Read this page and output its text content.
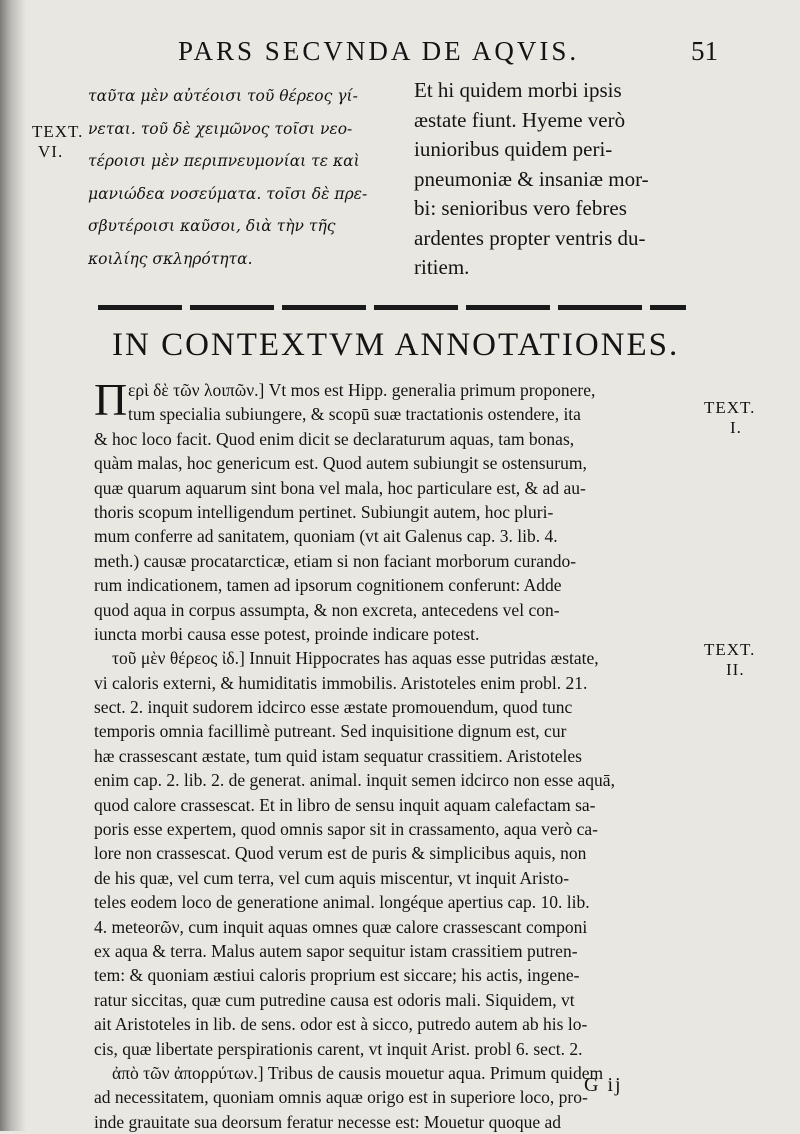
PARS SECVNDA DE AQVIS.	51
TEXT.
VI.
ταῦτα μὲν αὐτέοισι τοῦ θέρεος γί-
νεται. τοῦ δὲ χειμῶνος τοῖσι νεο-
τέροισι μὲν περιπνευμονίαι τε καὶ
μανιώδεα νοσεύματα. τοῖσι δὲ πρε-
σβυτέροισι καῦσοι, διὰ τὴν τῆς
κοιλίης σκληρότητα.
Et hi quidem morbi ipsis
æstate fiunt. Hyeme verò
iunioribus quidem peri-
pneumoniæ & insaniæ mor-
bi: senioribus vero febres
ardentes propter ventris du-
ritiem.
IN CONTEXTVM ANNOTATIONES.
TEXT.
I.
TEXT.
II.
Π ερὶ δὲ τῶν λοιπῶν.] Vt mos est Hipp. generalia primum proponere,
tum specialia subiungere, & scopū suæ tractationis ostendere, ita
& hoc loco facit. Quod enim dicit se declaraturum aquas, tam bonas,
quàm malas, hoc genericum est. Quod autem subiungit se ostensurum,
quæ quarum aquarum sint bona vel mala, hoc particulare est, & ad au-
thoris scopum intelligendum pertinet. Subiungit autem, hoc pluri-
mum conferre ad sanitatem, quoniam (vt ait Galenus cap. 3. lib. 4.
meth.) causæ procatarcticæ, etiam si non faciant morborum curando-
rum indicationem, tamen ad ipsorum cognitionem conferunt: Adde
quod aqua in corpus assumpta, & non excreta, antecedens vel con-
iuncta morbi causa esse potest, proinde indicare potest.
τοῦ μὲν θέρεος ἰδ.] Innuit Hippocrates has aquas esse putridas æstate,
vi caloris externi, & humiditatis immobilis. Aristoteles enim probl. 21.
sect. 2. inquit sudorem idcirco esse æstate promouendum, quod tunc
temporis omnia facillimè putreant. Sed inquisitione dignum est, cur
hæ crassescant æstate, tum quid istam sequatur crassitiem. Aristoteles
enim cap. 2. lib. 2. de generat. animal. inquit semen idcirco non esse aquā,
quod calore crassescat. Et in libro de sensu inquit aquam calefactam sa-
poris esse expertem, quod omnis sapor sit in crassamento, aqua verò ca-
lore non crassescat. Quod verum est de puris & simplicibus aquis, non
de his quæ, vel cum terra, vel cum aquis miscentur, vt inquit Aristo-
teles eodem loco de generatione animal. longéque apertius cap. 10. lib.
4. meteorῶν, cum inquit aquas omnes quæ calore crassescant componi
ex aqua & terra. Malus autem sapor sequitur istam crassitiem putren-
tem: & quoniam æstiui caloris proprium est siccare; his actis, ingene-
ratur siccitas, quæ cum putredine causa est odoris mali. Siquidem, vt
ait Aristoteles in lib. de sens. odor est à sicco, putredo autem ab his lo-
cis, quæ libertate perspirationis carent, vt inquit Arist. probl 6. sect. 2.
ἀπὸ τῶν ἀπορρύτων.] Tribus de causis mouetur aqua. Primum quidem
ad necessitatem, quoniam omnis aquæ origo est in superiore loco, pro-
inde grauitate sua deorsum feratur necesse est: Mouetur quoque ad
G ij
